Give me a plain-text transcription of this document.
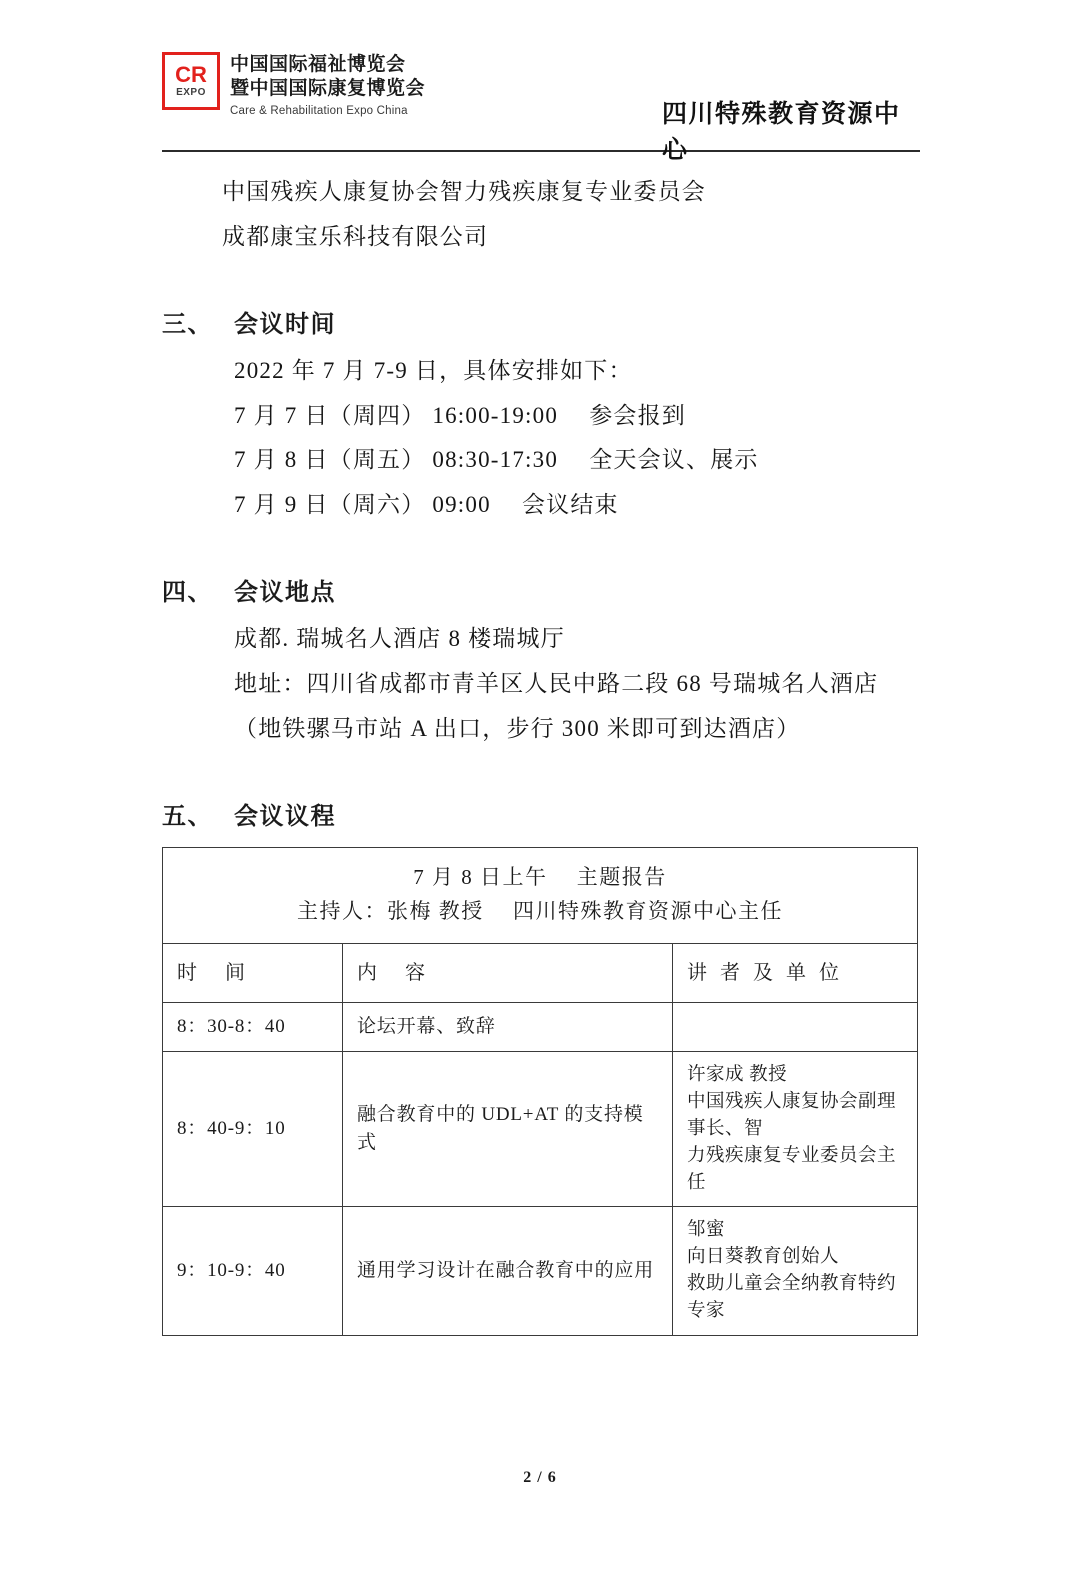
CR
EXPO
中国国际福祉博览会
暨中国国际康复博览会
Care & Rehabilitation Expo China	四川特殊教育资源中心
中国残疾人康复协会智力残疾康复专业委员会
成都康宝乐科技有限公司
三、 会议时间
2022 年 7 月 7-9 日，具体安排如下：
7 月 7 日（周四） 16:00-19:00 　参会报到
7 月 8 日（周五） 08:30-17:30 　全天会议、展示
7 月 9 日（周六） 09:00 　会议结束
四、 会议地点
成都. 瑞城名人酒店 8 楼瑞城厅
地址：四川省成都市青羊区人民中路二段 68 号瑞城名人酒店
（地铁骡马市站 A 出口，步行 300 米即可到达酒店）
五、 会议议程
7 月 8 日上午 　主题报告
主持人：张梅 教授 　四川特殊教育资源中心主任		

时　间	内　容	讲 者 及 单 位
8：30-8：40	论坛开幕、致辞	
8：40-9：10	融合教育中的 UDL+AT 的支持模式	许家成 教授
中国残疾人康复协会副理事长、智
力残疾康复专业委员会主任

9：10-9：40	通用学习设计在融合教育中的应用	邹蜜
向日葵教育创始人
救助儿童会全纳教育特约专家
2 / 6
